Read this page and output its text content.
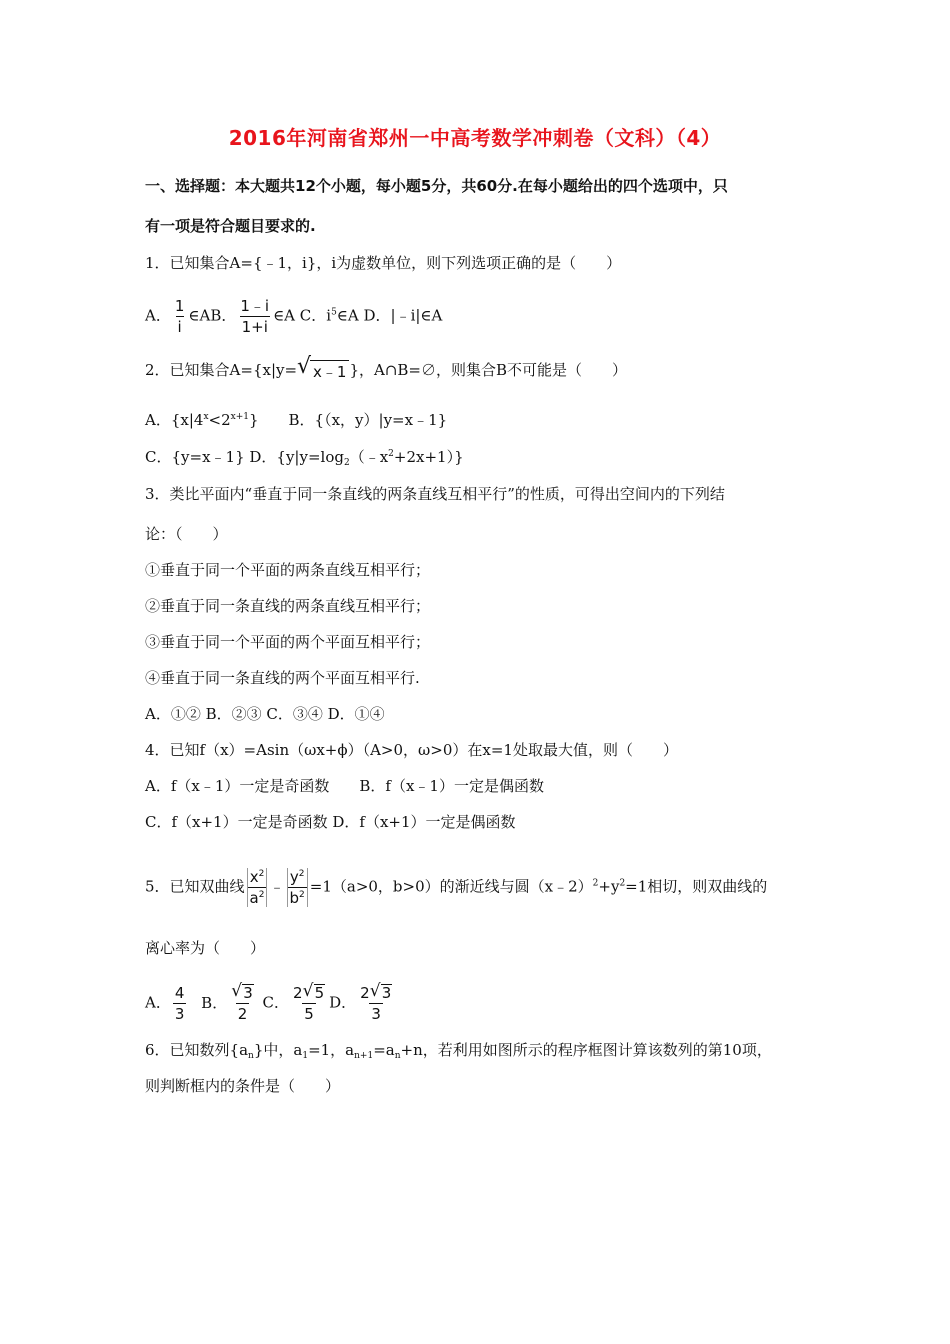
2016年河南省郑州一中高考数学冲刺卷（文科）（4）
一、选择题：本大题共12个小题，每小题5分，共60分.在每小题给出的四个选项中，只
有一项是符合题目要求的.
1．已知集合A={﹣1，i}，i为虚数单位，则下列选项正确的是（　　）
A． $\frac{1}{i}$ ∈AB． $\frac{1﹣i}{1+i}$ ∈A C．$i^5\in A$ D．|﹣i|∈A
2．已知集合A={x|y= √ x﹣1 }，A∩B=∅，则集合B不可能是（　　）
A．$\{x|4^x<2^{x+1}\}$　　B．{（x，y）|y=x﹣1}
C．{y=x﹣1} D．$\{y|y=\log_2(﹣x^2+2x+1)\}$
3．类比平面内“垂直于同一条直线的两条直线互相平行”的性质，可得出空间内的下列结
论：（　　）
①垂直于同一个平面的两条直线互相平行；
②垂直于同一条直线的两条直线互相平行；
③垂直于同一个平面的两个平面互相平行；
④垂直于同一条直线的两个平面互相平行.
A．①② B．②③ C．③④ D．①④
4．已知f（x）=Asin（ωx+ϕ）（A>0，ω>0）在x=1处取最大值，则（　　）
A．f（x﹣1）一定是奇函数　　B．f（x﹣1）一定是偶函数
C．f（x+1）一定是奇函数 D．f（x+1）一定是偶函数
5．已知双曲线 $\frac{x^2}{a^2}$ ﹣ $\frac{y^2}{b^2} =1(a>0$，b>0）的渐近线与圆$(x﹣2)^2+y^2=1$相切，则双曲线的
离心率为（　　）
A． $\frac{4}{3}$ B． $\frac{√ 3}{2}$ C． $\frac{2 √ 5}{5}$ D． $\frac{2 √ 3}{3}$
6．已知数列$\{a_n\}$中，$a_1=1$，$a_{n+1}=a_n+n$，若利用如图所示的程序框图计算该数列的第10项，
则判断框内的条件是（　　）
